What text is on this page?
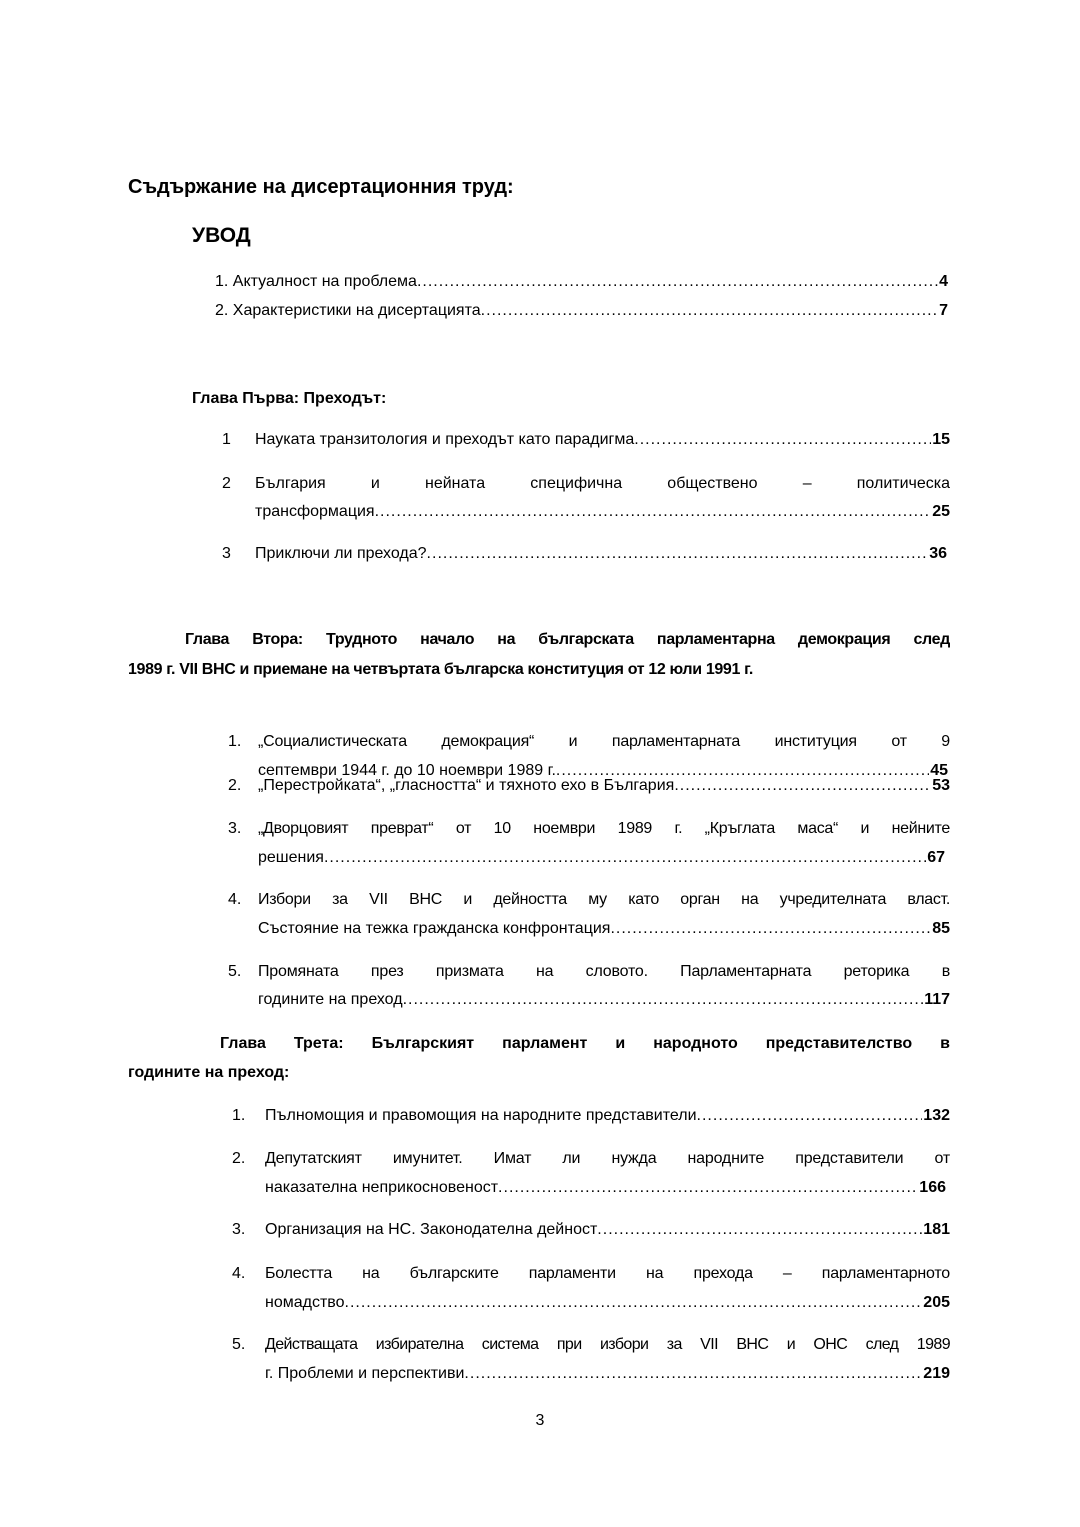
Съдържание на дисертационния труд:
УВОД
1.
Актуалност на проблема .....	4
2.
Характеристики на дисертацията .....	7
Глава Първа: Преходът:
1 Науката транзитология и преходът като парадигма .....	15
2 България и нейната специфична обществено – политическа
трансформация .....	25
3 Приключи ли прехода? .....	36
Глава Втора: Трудното начало на българската парламентарна демокрация след
1989 г. VII ВНС и приемане на четвъртата българска конституция от 12 юли 1991 г.
1. „Социалистическата демокрация“ и парламентарната институция от 9
септември 1944 г. до 10 ноември 1989 г. .....	45
2. „Перестройката“, „гласността“ и тяхното ехо в България .....	53
3. „Дворцовият преврат“ от 10 ноември 1989 г. „Кръглата маса“ и нейните
решения .....	67
4. Избори за VII ВНС и дейността му като орган на учредителната власт.
Състояние на тежка гражданска конфронтация .....	85
5. Промяната през призмата на словото. Парламентарната реторика в
годините на преход .....	117
Глава Трета: Българският парламент и народното представителство в
годините на преход:
1. Пълномощия и правомощия на народните представители .....	132
2. Депутатският имунитет. Имат ли нужда народните представители от
наказателна неприкосновеност .....	166
3. Организация на НС. Законодателна дейност .....	181
4. Болестта на българските парламенти на прехода – парламентарното
номадство .....	205
5. Действащата избирателна система при избори за VII ВНС и ОНС след 1989
г. Проблеми и перспективи .....	219
3
